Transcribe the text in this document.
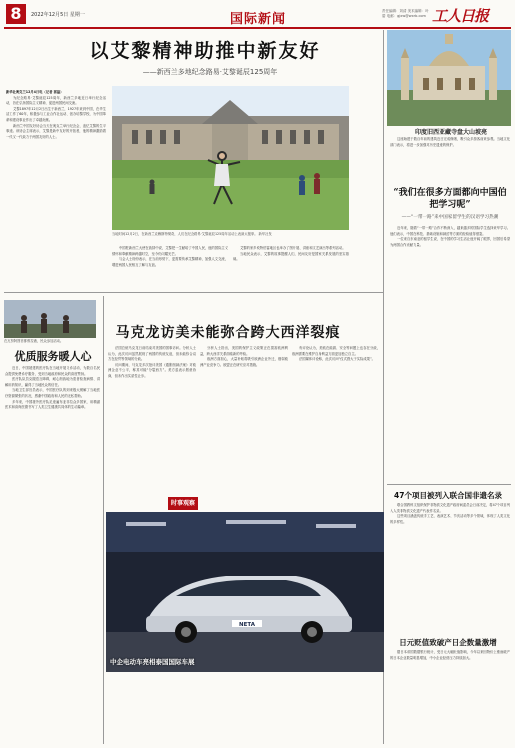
8	2022年12月5日 星期一	国际新闻
责任编辑：刘清 美术编辑：叶碧 电邮：gjxw@wxrb.com 工人日报
以艾黎精神助推中新友好
——新西兰多地纪念路易·艾黎诞辰125周年

新华社奥克兰12月4日电（记者 郭磊）

为纪念路易·艾黎诞辰125周年，新西兰多地近日举行纪念活动，旨在弘扬国际主义精神，促进两国民间交流。

艾黎1897年12月2日出生于新西兰，1927年来到中国，在华生活工作了60年，积极参与工业合作社运动、创办培黎学校，为中国革命和建设事业作出了卓越贡献。

新西兰中国友好协会当天在奥克兰举行纪念会，追忆艾黎的生平事迹。该协会主席表示，艾黎是新中友好的开拓者，他的精神激励着一代又一代致力于两国友好的人士。

当地时间12月2日，在新西兰克赖斯特彻奇，人们在纪念路易·艾黎诞辰125周年活动上表演太极拳。 新华社发

中国驻新西兰大使在致辞中说，艾黎把一生献给了中国人民，他的国际主义情怀和奉献精神跨越时空，至今仍闪耀光芒。

与会人士纷纷表示，在当前形势下，更需要传承艾黎精神，加强人文交流，增进两国人民相互了解与友谊。

艾黎的家乡坎特伯雷地区也举办了图片展、讲座和文艺演出等系列活动。

当地民众表示，艾黎的故事提醒人们，民间友好是国家关系发展的坚实基础。

印度旧西亚藏寺盘大山坡亮

这座始建于数百年前的建筑近日完成修缮，吸引众多游客前来参观。当地文化部门表示，将进一步加强对历史遗迹的保护。

“我们在很多方面都向中国伯把学习呢”
——“一带一路”来中国家留学生的汉语学习热潮

近年来，随着“一带一路”合作不断深入，越来越多的国际学生选择来华学习。他们表示，中国在科技、基础设施和减贫等方面的经验值得借鉴。

一位来自东南亚的留学生说，在中国的学习生活让他开阔了眼界，回国后希望为两国合作贡献力量。

马克龙访美未能弥合跨大西洋裂痕

法国总统马克龙日前结束对美国的国事访问。分析人士认为，此次访问虽然展现了两国的传统友谊，但未能弥合双方在经贸等领域的分歧。

访问期间，马克龙多次批评美国《通胀削减法案》对欧洲企业不公平，称其可能“分裂西方”。美方虽表示愿意协商，但未作出实质性让步。

分析人士指出，美国的保护主义政策正在损害欧洲利益，跨大西洋关系面临新的考验。

欧洲方面担心，大量补贴将吸引欧洲企业外迁，削弱欧洲产业竞争力。欧盟正在研究应对措施。

有评论认为，美欧在能源、安全等问题上也存在分歧，欧洲需要在维护自身利益方面更加独立自主。

法国媒体评论称，此次访问“仪式感大于实际成果”。

在瓦努阿图首都维拉港，民众参加活动。
优质服务暖人心

近日，中国援建的医疗队在当地开展义诊活动，为数百名民众提供免费诊疗服务，受到当地政府和民众的高度赞扬。

医疗队队员克服语言障碍，耐心细致地为患者检查病情、讲解用药知识，赢得了当地民众的信任。

当地卫生部官员表示，中国医疗队的到来极大缓解了当地医疗资源紧张的状况，感谢中国政府和人民的无私帮助。

多年来，中国援外医疗队足迹遍布亚非拉众多国家，用精湛医术和高尚医德书写了人类卫生健康共同体的生动篇章。

时事观察
NETA
中企电动车亮相泰国国际车展
47个项目被列入联合国非遗名录

联合国教科文组织保护非物质文化遗产政府间委员会日前决定，将47个项目列入人类非物质文化遗产代表作名录。

这些项目涵盖传统手工艺、表演艺术、节庆活动等多个领域，体现了人类文化的多样性。

日元贬值致破产日企数量激增

据日本帝国数据银行统计，受日元大幅贬值影响，今年以来因物价上涨而破产的日本企业数量明显增加，中小企业经营压力持续加大。
